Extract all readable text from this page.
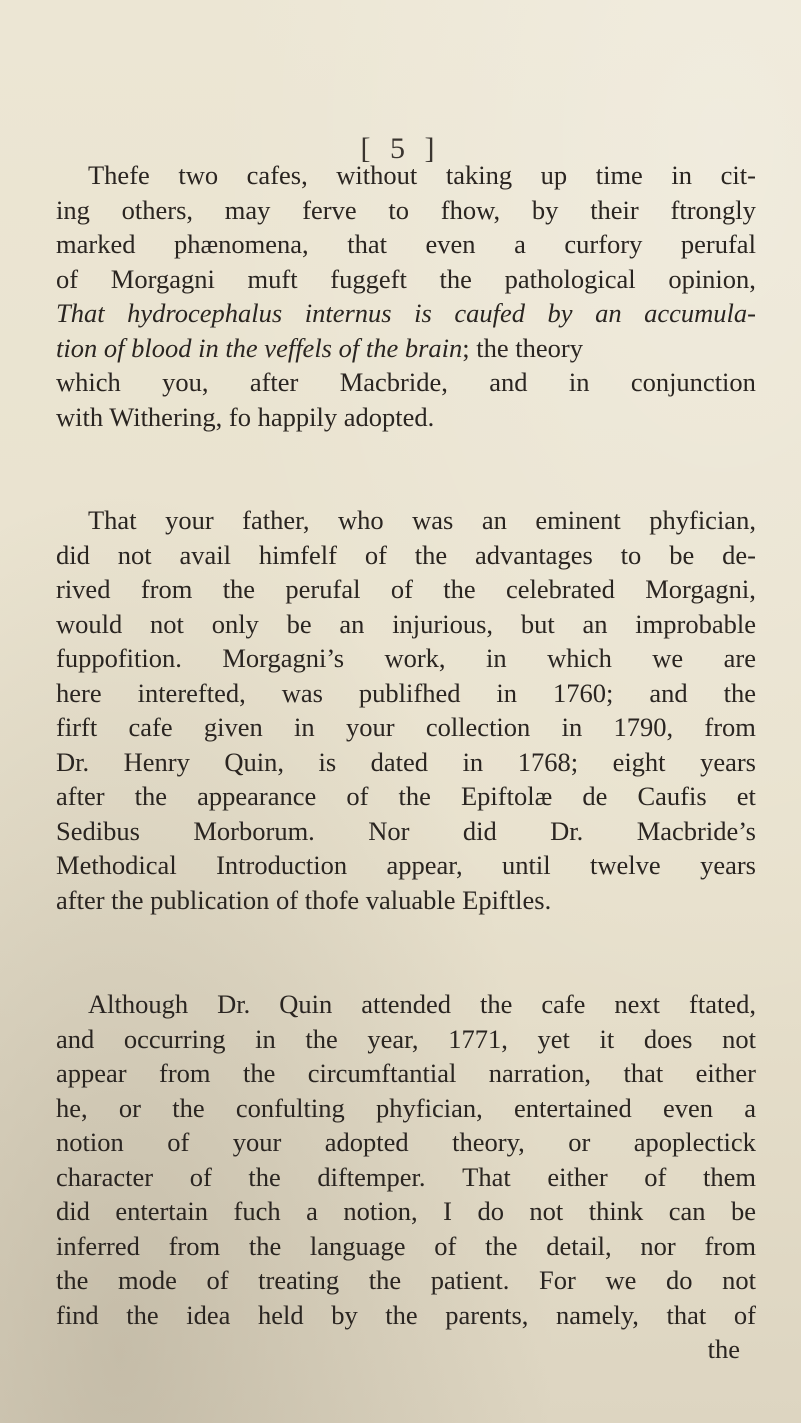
[ 5 ]
Thefe two cafes, without taking up time in cit-
ing others, may ferve to fhow, by their ftrongly
marked phænomena, that even a curfory perufal
of Morgagni muft fuggeft the pathological opinion,
That hydrocephalus internus is caufed by an accumula-
tion of blood in the veffels of the brain ; the theory
which you, after Macbride, and in conjunction
with Withering, fo happily adopted.
That your father, who was an eminent phyfician,
did not avail himfelf of the advantages to be de-
rived from the perufal of the celebrated Morgagni,
would not only be an injurious, but an improbable
fuppofition. Morgagni’s work, in which we are
here interefted, was publifhed in 1760; and the
firft cafe given in your collection in 1790, from
Dr. Henry Quin, is dated in 1768; eight years
after the appearance of the Epiftolæ de Caufis et
Sedibus Morborum. Nor did Dr. Macbride’s
Methodical Introduction appear, until twelve years
after the publication of thofe valuable Epiftles.
Although Dr. Quin attended the cafe next ftated,
and occurring in the year, 1771, yet it does not
appear from the circumftantial narration, that either
he, or the confulting phyfician, entertained even a
notion of your adopted theory, or apoplectick
character of the diftemper. That either of them
did entertain fuch a notion, I do not think can be
inferred from the language of the detail, nor from
the mode of treating the patient. For we do not
find the idea held by the parents, namely, that of
the
